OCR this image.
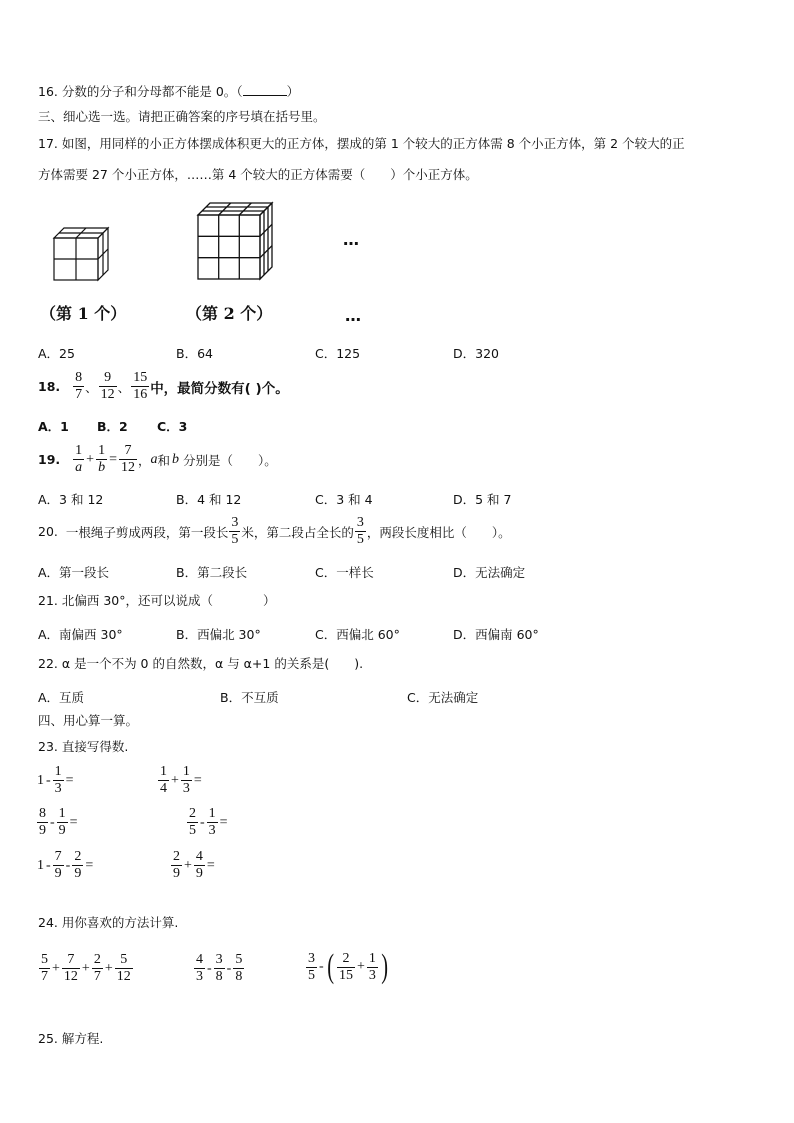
16. 分数的分子和分母都不能是 0。（	）
三、细心选一选。请把正确答案的序号填在括号里。
17. 如图，用同样的小正方体摆成体积更大的正方体，摆成的第 1 个较大的正方体需 8 个小正方体，第 2 个较大的正
方体需要 27 个小正方体，……第 4 个较大的正方体需要（　　）个小正方体。
（第 1 个）	（第 2 个）
…
…
A．25	B．64	C．125	D．320
18. $\frac{8}{7}$ 、 $\frac{9}{12}$ 、 $\frac{15}{16}$ 中，最简分数有( )个。
A．1 B．2 C．3
19. $\frac{1}{a} + \frac{1}{b} = \frac{7}{12}$ ， a 和 b 分别是（　　）。
A．3 和 12	B．4 和 12	C．3 和 4	D．5 和 7
20. 一根绳子剪成两段，第一段长 $\frac{3}{5}$ 米，第二段占全长的 $\frac{3}{5}$ ，两段长度相比（　　）。
A．第一段长	B．第二段长	C．一样长	D．无法确定
21. 北偏西 30°，还可以说成（　　　　）
A．南偏西 30°	B．西偏北 30°	C．西偏北 60°	D．西偏南 60°
22. α 是一个不为 0 的自然数，α 与 α+1 的关系是(　　).
A．互质	B．不互质	C．无法确定
四、用心算一算。
23. 直接写得数.
$1 - \frac{1}{3}$ =	$\frac{1}{4} + \frac{1}{3}$ =
$\frac{8}{9} - \frac{1}{9}$ =	$\frac{2}{5} - \frac{1}{3}$ =
$1 - \frac{7}{9} - \frac{2}{9}$ =	$\frac{2}{9} + \frac{4}{9}$ =
24. 用你喜欢的方法计算.
$\frac{5}{7} + \frac{7}{12} + \frac{2}{7} + \frac{5}{12}$	$\frac{4}{3} - \frac{3}{8} - \frac{5}{8}$	$\frac{3}{5}$ - ( $\frac{2}{15} + \frac{1}{3}$ )
25. 解方程.
